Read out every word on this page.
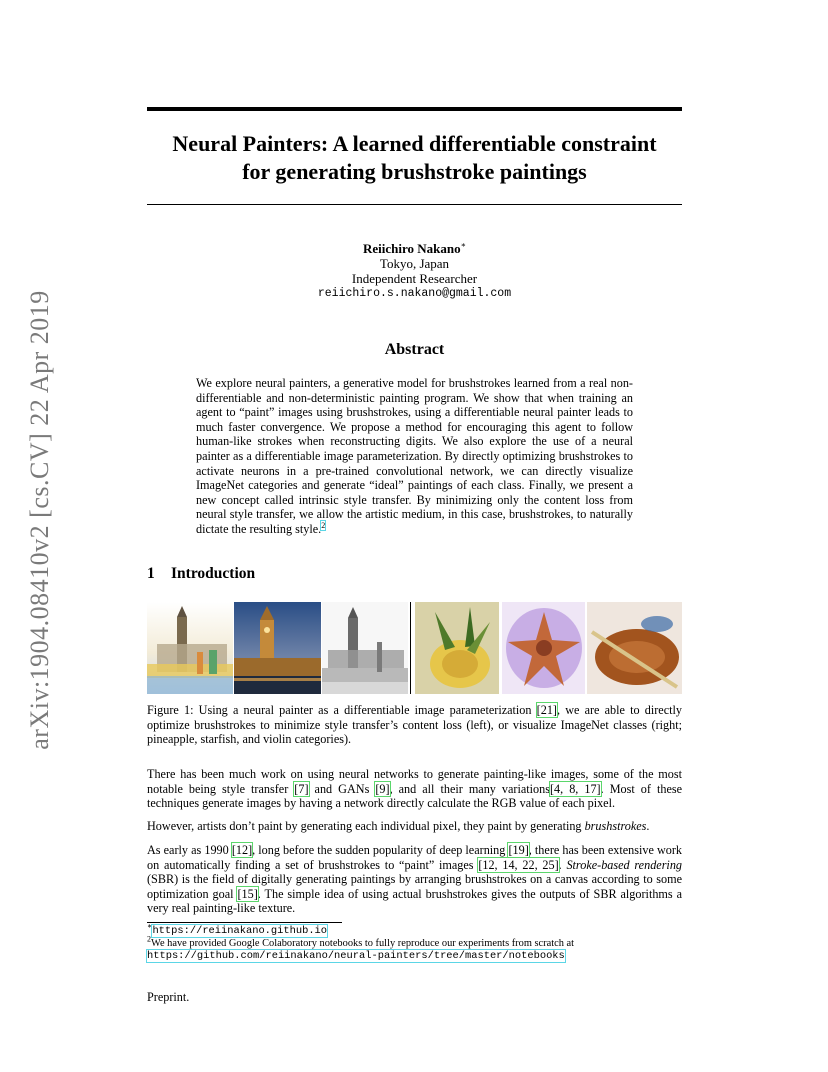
arXiv:1904.08410v2 [cs.CV] 22 Apr 2019
Neural Painters: A learned differentiable constraint
for generating brushstroke paintings
Reiichiro Nakano∗
Tokyo, Japan
Independent Researcher
reiichiro.s.nakano@gmail.com
Abstract
We explore neural painters, a generative model for brushstrokes learned from a real non-differentiable and non-deterministic painting program. We show that when training an agent to “paint” images using brushstrokes, using a differentiable neural painter leads to much faster convergence. We propose a method for encouraging this agent to follow human-like strokes when reconstructing digits. We also explore the use of a neural painter as a differentiable image parameterization. By directly optimizing brushstrokes to activate neurons in a pre-trained convolutional network, we can directly visualize ImageNet categories and generate “ideal” paintings of each class. Finally, we present a new concept called intrinsic style transfer. By minimizing only the content loss from neural style transfer, we allow the artistic medium, in this case, brushstrokes, to naturally dictate the resulting style.$^2$
1 Introduction
Figure 1: Using a neural painter as a differentiable image parameterization [21], we are able to directly optimize brushstrokes to minimize style transfer’s content loss (left), or visualize ImageNet classes (right; pineapple, starfish, and violin categories).
There has been much work on using neural networks to generate painting-like images, some of the most notable being style transfer [7] and GANs [9], and all their many variations[4, 8, 17]. Most of these techniques generate images by having a network directly calculate the RGB value of each pixel.
However, artists don’t paint by generating each individual pixel, they paint by generating brushstrokes.
As early as 1990 [12], long before the sudden popularity of deep learning [19], there has been extensive work on automatically finding a set of brushstrokes to “paint” images [12, 14, 22, 25]. Stroke-based rendering (SBR) is the field of digitally generating paintings by arranging brushstrokes on a canvas according to some optimization goal [15]. The simple idea of using actual brushstrokes gives the outputs of SBR algorithms a very real painting-like texture.
∗https://reiinakano.github.io
$^2$We have provided Google Colaboratory notebooks to fully reproduce our experiments from scratch at
https://github.com/reiinakano/neural-painters/tree/master/notebooks
Preprint.
